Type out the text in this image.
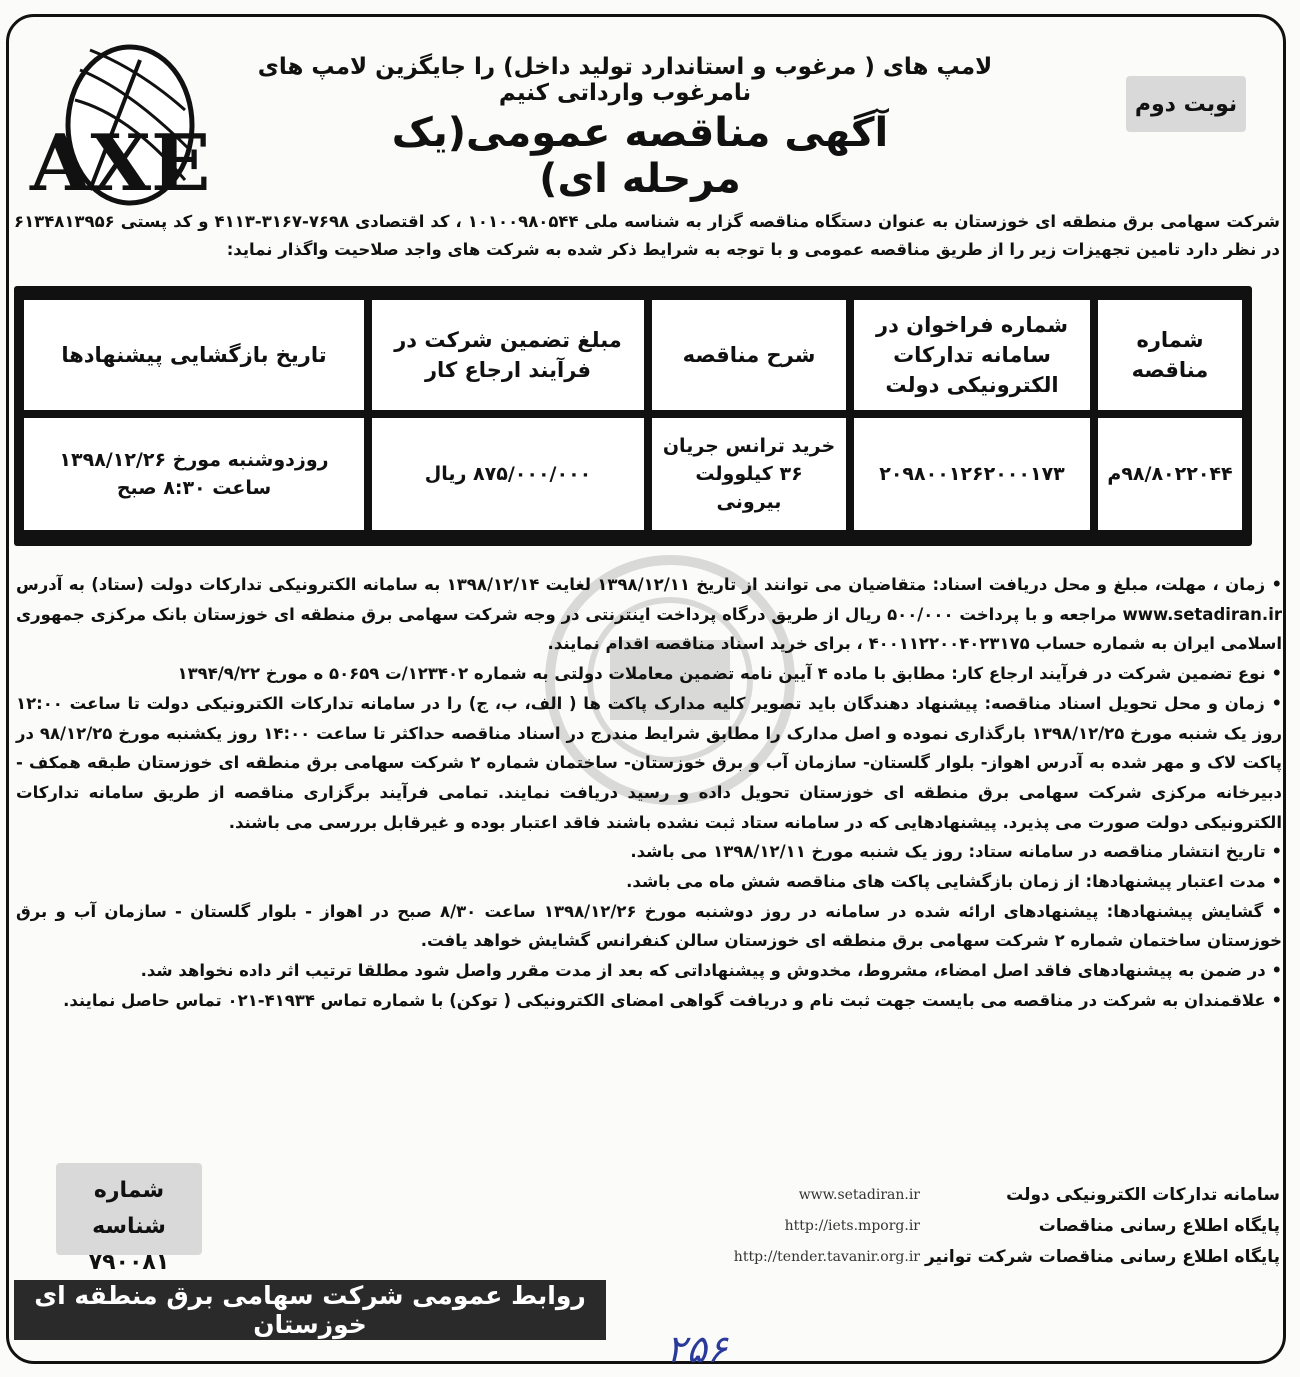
AXE
لامپ های ( مرغوب و استاندارد تولید داخل) را جایگزین لامپ های نامرغوب وارداتی کنیم	نوبت دوم
آگهی مناقصه عمومی(یک مرحله ای)
شرکت سهامی برق منطقه ای خوزستان به عنوان دستگاه مناقصه گزار به شناسه ملی ۱۰۱۰۰۹۸۰۵۴۴ ، کد اقتصادی ۷۶۹۸-۳۱۶۷-۴۱۱۳ و کد پستی ۶۱۳۴۸۱۳۹۵۶ در نظر دارد تامین تجهیزات زیر را از طریق مناقصه عمومی و با توجه به شرایط ذکر شده به شرکت های واجد صلاحیت واگذار نماید:
شماره مناقصه
شماره فراخوان در سامانه تدارکات الکترونیکی دولت
شرح مناقصه
مبلغ تضمین شرکت در فرآیند ارجاع کار
تاریخ بازگشایی پیشنهادها
۹۸/۸۰۲۲۰۴۴م
۲۰۹۸۰۰۱۲۶۲۰۰۰۱۷۳
خرید ترانس جریان ۳۶ کیلوولت بیرونی
۸۷۵/۰۰۰/۰۰۰ ریال
روزدوشنبه مورخ ۱۳۹۸/۱۲/۲۶ ساعت ۸:۳۰ صبح

• زمان ، مهلت، مبلغ و محل دریافت اسناد: متقاضیان می توانند از تاریخ ۱۳۹۸/۱۲/۱۱ لغایت ۱۳۹۸/۱۲/۱۴ به سامانه الکترونیکی تدارکات دولت (ستاد) به آدرس www.setadiran.ir مراجعه و با پرداخت ۵۰۰/۰۰۰ ریال از طریق درگاه پرداخت اینترنتی در وجه شرکت سهامی برق منطقه ای خوزستان بانک مرکزی جمهوری اسلامی ایران به شماره حساب ۴۰۰۱۱۲۲۰۰۴۰۲۳۱۷۵ ، برای خرید اسناد مناقصه اقدام نمایند.

• نوع تضمین شرکت در فرآیند ارجاع کار: مطابق با ماده ۴ آیین نامه تضمین معاملات دولتی به شماره ۱۲۳۴۰۲/ت ۵۰۶۵۹ ه مورخ ۱۳۹۴/۹/۲۲

• زمان و محل تحویل اسناد مناقصه: پیشنهاد دهندگان باید تصویر کلیه مدارک پاکت ها ( الف، ب، ج) را در سامانه تدارکات الکترونیکی دولت تا ساعت ۱۲:۰۰ روز یک شنبه مورخ ۱۳۹۸/۱۲/۲۵ بارگذاری نموده و اصل مدارک را مطابق شرایط مندرج در اسناد مناقصه حداکثر تا ساعت ۱۴:۰۰ روز یکشنبه مورخ ۹۸/۱۲/۲۵ در پاکت لاک و مهر شده به آدرس اهواز- بلوار گلستان- سازمان آب و برق خوزستان- ساختمان شماره ۲ شرکت سهامی برق منطقه ای خوزستان طبقه همکف - دبیرخانه مرکزی شرکت سهامی برق منطقه ای خوزستان تحویل داده و رسید دریافت نمایند. تمامی فرآیند برگزاری مناقصه از طریق سامانه تدارکات الکترونیکی دولت صورت می پذیرد. پیشنهادهایی که در سامانه ستاد ثبت نشده باشند فاقد اعتبار بوده و غیرقابل بررسی می باشند.

• تاریخ انتشار مناقصه در سامانه ستاد: روز یک شنبه مورخ ۱۳۹۸/۱۲/۱۱ می باشد.

• مدت اعتبار پیشنهادها: از زمان بازگشایی پاکت های مناقصه شش ماه می باشد.

• گشایش پیشنهادها: پیشنهادهای ارائه شده در سامانه در روز دوشنبه مورخ ۱۳۹۸/۱۲/۲۶ ساعت ۸/۳۰ صبح در اهواز - بلوار گلستان - سازمان آب و برق خوزستان ساختمان شماره ۲ شرکت سهامی برق منطقه ای خوزستان سالن کنفرانس گشایش خواهد یافت.

• در ضمن به پیشنهادهای فاقد اصل امضاء، مشروط، مخدوش و پیشنهاداتی که بعد از مدت مقرر واصل شود مطلقا ترتیب اثر داده نخواهد شد.

• علاقمندان به شرکت در مناقصه می بایست جهت ثبت نام و دریافت گواهی امضای الکترونیکی ( توکن) با شماره تماس ۴۱۹۳۴-۰۲۱ تماس حاصل نمایند.

سامانه تدارکات الکترونیکی دولت
www.setadiran.ir
پایگاه اطلاع رسانی مناقصات
http://iets.mporg.ir
پایگاه اطلاع رسانی مناقصات شرکت توانیر
http://tender.tavanir.org.ir
شماره شناسه
۷۹۰۰۸۱
روابط عمومی شرکت سهامی برق منطقه ای خوزستان
۲۵۶
